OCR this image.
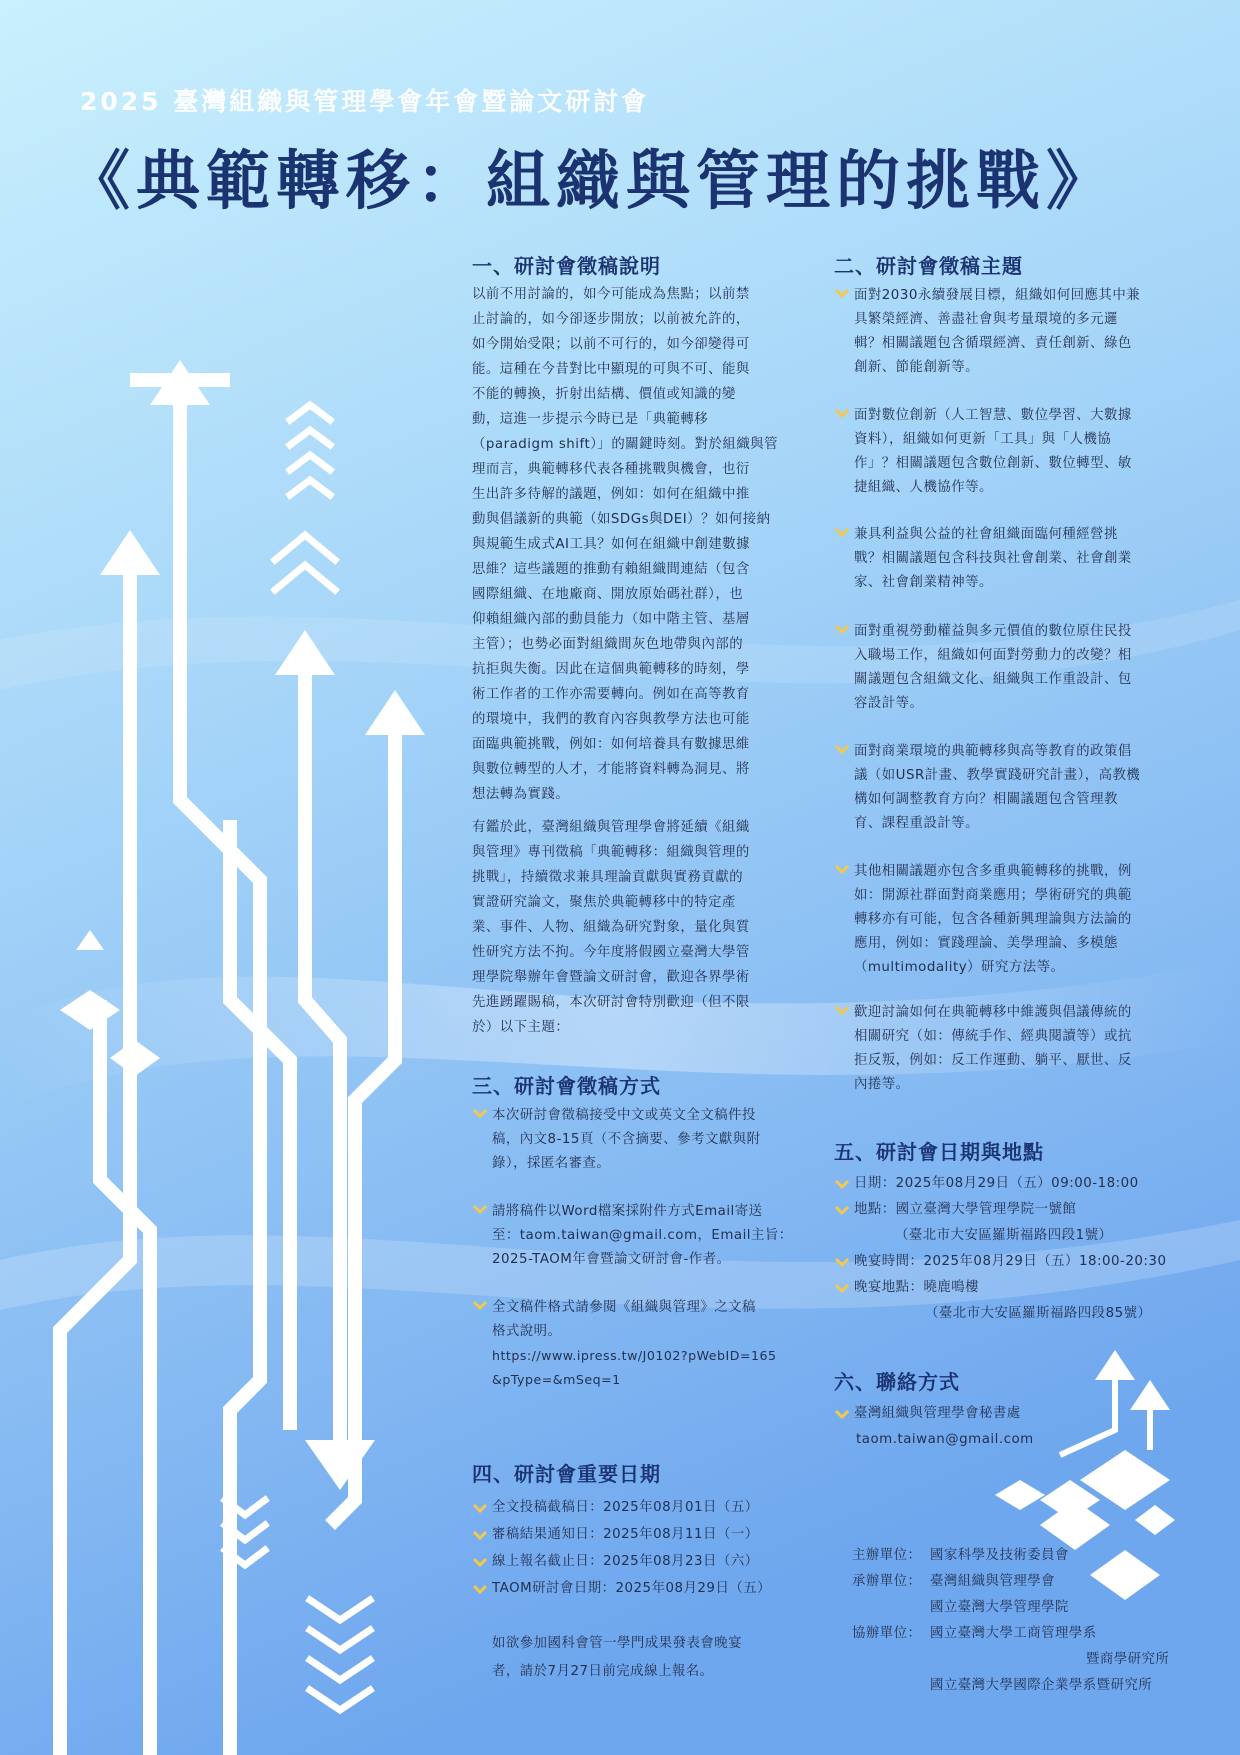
2025 臺灣組織與管理學會年會暨論文研討會

《典範轉移：組織與管理的挑戰》
一、研討會徵稿說明
以前不用討論的，如今可能成為焦點；以前禁
止討論的，如今卻逐步開放；以前被允許的，
如今開始受限；以前不可行的，如今卻變得可
能。這種在今昔對比中顯現的可與不可、能與
不能的轉換，折射出結構、價值或知識的變
動，這進一步提示今時已是「典範轉移
（paradigm shift）」的關鍵時刻。對於組織與管
理而言，典範轉移代表各種挑戰與機會，也衍
生出許多待解的議題，例如：如何在組織中推
動與倡議新的典範（如SDGs與DEI）？如何接納
與規範生成式AI工具？如何在組織中創建數據
思維？這些議題的推動有賴組織間連結（包含
國際組織、在地廠商、開放原始碼社群），也
仰賴組織內部的動員能力（如中階主管、基層
主管）；也勢必面對組織間灰色地帶與內部的
抗拒與失衡。因此在這個典範轉移的時刻，學
術工作者的工作亦需要轉向。例如在高等教育
的環境中，我們的教育內容與教學方法也可能
面臨典範挑戰，例如：如何培養具有數據思維
與數位轉型的人才，才能將資料轉為洞見、將
想法轉為實踐。
有鑑於此，臺灣組織與管理學會將延續《組織
與管理》專刊徵稿「典範轉移：組織與管理的
挑戰」，持續徵求兼具理論貢獻與實務貢獻的
實證研究論文，聚焦於典範轉移中的特定產
業、事件、人物、組織為研究對象，量化與質
性研究方法不拘。今年度將假國立臺灣大學管
理學院舉辦年會暨論文研討會，歡迎各界學術
先進踴躍賜稿，本次研討會特別歡迎（但不限
於）以下主題：
三、研討會徵稿方式
本次研討會徵稿接受中文或英文全文稿件投
稿，內文8-15頁（不含摘要、參考文獻與附
錄），採匿名審查。
請將稿件以Word檔案採附件方式Email寄送
至：taom.taiwan@gmail.com，Email主旨：
2025-TAOM年會暨論文研討會-作者。
全文稿件格式請參閱《組織與管理》之文稿
格式說明。
https://www.ipress.tw/J0102?pWebID=165
&pType=&mSeq=1
四、研討會重要日期
全文投稿截稿日：2025年08月01日（五）
審稿結果通知日：2025年08月11日（一）
線上報名截止日：2025年08月23日（六）
TAOM研討會日期：2025年08月29日（五）
如欲參加國科會管一學門成果發表會晚宴
者，請於7月27日前完成線上報名。
二、研討會徵稿主題
面對2030永續發展目標，組織如何回應其中兼
具繁榮經濟、善盡社會與考量環境的多元邏
輯？相關議題包含循環經濟、責任創新、綠色
創新、節能創新等。
面對數位創新（人工智慧、數位學習、大數據
資料），組織如何更新「工具」與「人機協
作」？相關議題包含數位創新、數位轉型、敏
捷組織、人機協作等。
兼具利益與公益的社會組織面臨何種經營挑
戰？相關議題包含科技與社會創業、社會創業
家、社會創業精神等。
面對重視勞動權益與多元價值的數位原住民投
入職場工作，組織如何面對勞動力的改變？相
關議題包含組織文化、組織與工作重設計、包
容設計等。
面對商業環境的典範轉移與高等教育的政策倡
議（如USR計畫、教學實踐研究計畫），高教機
構如何調整教育方向？相關議題包含管理教
育、課程重設計等。
其他相關議題亦包含多重典範轉移的挑戰，例
如：開源社群面對商業應用；學術研究的典範
轉移亦有可能，包含各種新興理論與方法論的
應用，例如：實踐理論、美學理論、多模態
（multimodality）研究方法等。
歡迎討論如何在典範轉移中維護與倡議傳統的
相關研究（如：傳統手作、經典閱讀等）或抗
拒反叛，例如：反工作運動、躺平、厭世、反
內捲等。
五、研討會日期與地點
日期：2025年08月29日（五）09:00-18:00
地點：國立臺灣大學管理學院一號館
（臺北市大安區羅斯福路四段1號）
晚宴時間：2025年08月29日（五）18:00-20:30
晚宴地點：曉鹿鳴樓
（臺北市大安區羅斯福路四段85號）
六、聯絡方式
臺灣組織與管理學會秘書處
taom.taiwan@gmail.com
主辦單位： 國家科學及技術委員會
承辦單位： 臺灣組織與管理學會
國立臺灣大學管理學院
協辦單位： 國立臺灣大學工商管理學系
暨商學研究所
國立臺灣大學國際企業學系暨研究所
